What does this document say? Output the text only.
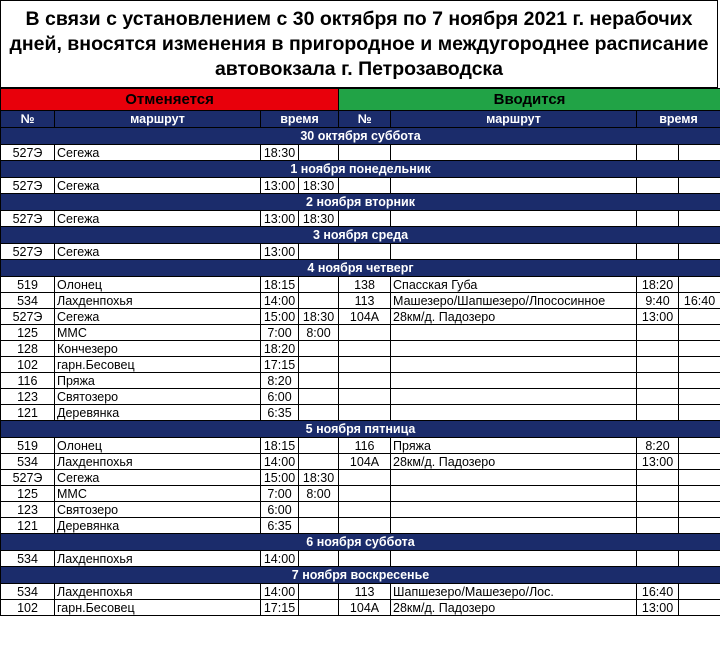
В связи с установлением с 30 октября по 7 ноября 2021 г. нерабочих дней, вносятся изменения в пригородное и междугороднее расписание автовокзала г. Петрозаводска
Отменяется				Вводится			
№	маршрут	время		№	маршрут	время	
30 октября суббота							
527Э	Сегежа	18:30					
1 ноября понедельник							
527Э	Сегежа	13:00	18:30				
2 ноября вторник							
527Э	Сегежа	13:00	18:30				
3 ноября среда							
527Э	Сегежа	13:00					
4 ноября четверг							
519	Олонец	18:15		138	Спасская Губа	18:20	
534	Лахденпохья	14:00		113	Машезеро/Шапшезеро/Лпососинное	9:40	16:40
527Э	Сегежа	15:00	18:30	104А	28км/д. Падозеро	13:00	
125	ММС	7:00	8:00				
128	Кончезеро	18:20					
102	гарн.Бесовец	17:15					
116	Пряжа	8:20					
123	Святозеро	6:00					
121	Деревянка	6:35					
5 ноября пятница							
519	Олонец	18:15		116	Пряжа	8:20	
534	Лахденпохья	14:00		104А	28км/д. Падозеро	13:00	
527Э	Сегежа	15:00	18:30				
125	ММС	7:00	8:00				
123	Святозеро	6:00					
121	Деревянка	6:35					
6 ноября суббота							
534	Лахденпохья	14:00					
7 ноября воскресенье							
534	Лахденпохья	14:00		113	Шапшезеро/Машезеро/Лос.	16:40	
102	гарн.Бесовец	17:15		104А	28км/д. Падозеро	13:00	
